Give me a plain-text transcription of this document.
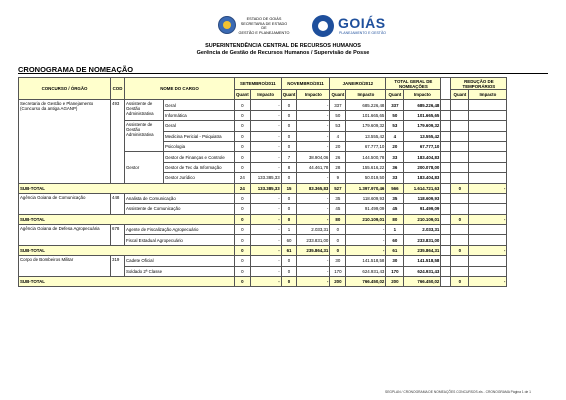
ESTADO DE GOIÁS
SECRETARIA DE ESTADO DE
GESTÃO E PLANEJAMENTO
GOIÁS
PLANEJAMENTO E GESTÃO
SUPERINTENDÊNCIA CENTRAL DE RECURSOS HUMANOS
Gerência de Gestão de Recursos Humanos / Supervisão de Posse
CRONOGRAMA DE NOMEAÇÃO
CONCURSO / ÓRGÃO	COD	NOME DO CARGO		SETEMBRO/2011		NOVEMBRO/2011		JANEIRO/2012		TOTAL GERAL DE NOMEAÇÕES			REDUÇÃO DE TEMPORÁRIOS	
				Quant	Impacto	Quant	Impacto	Quant	Impacto	Quant	Impacto		Quant	Impacto
Secretaria de Gestão e Planejamento (Concurso da antiga AGANP)	493	Assistente de Gestão Administrativa	Geral	0	-	0	-	337	685.226,48	337	685.226,48			
			Informática	0	-	0	-	50	101.665,65	50	101.665,65			
		Assistente de Gestão Administrativa	Geral	0	-	0	-	53	179.609,32	53	179.609,32			
			Medicina Pericial - Psiquiatra	0	-	0	-	4	13.555,42	4	13.555,42			
			Psicologia	0	-	0	-	20	67.777,10	20	67.777,10			
		Gestor	Gestor de Finanças e Controle	0	-	7	38.904,06	26	144.500,78	33	183.404,83			
			Gestor de Tec da Informação	0	-	8	44.461,78	28	155.616,22	36	200.078,00			
			Gestor Jurídico	24	133.385,33	0	-	9	50.019,50	33	183.404,83			
SUB-TOTAL				24	133.385,33	15	83.365,83	527	1.397.970,46	566	1.614.721,63		0	-
Agência Goiana de Comunicação	448	Analista de Comunicação		0	-	0	-	35	118.609,93	35	118.609,93			
		Assistente de Comunicação		0	-	0	-	45	91.499,09	45	91.499,09			
SUB-TOTAL				0	-	0	-	80	210.109,01	80	210.109,01		0	-
Agência Goiana de Defesa Agropecuária	678	Agente de Fiscalização Agropecuário		0	-	1	2.033,31	0	-	1	2.033,31			
		Fiscal Estadual Agropecuário		0	-	60	233.831,00	0	-	60	233.831,00			
SUB-TOTAL				0	-	61	235.864,31	0	-	61	235.864,31		0	-
Corpo de Bombeiros Militar	319	Cadete Oficial		0	-	0	-	30	141.518,58	30	141.518,58			
		Soldado 2ª Classe		0	-	0	-	170	624.931,43	170	624.931,43			
SUB-TOTAL				0	-	0	-	200	766.450,02	200	766.450,02		0	-
SEGPLAN / CRONOGRAMA DE NOMEAÇÕES CONCURSOS.xls - CRONOGRAMA Página 1 de 1
